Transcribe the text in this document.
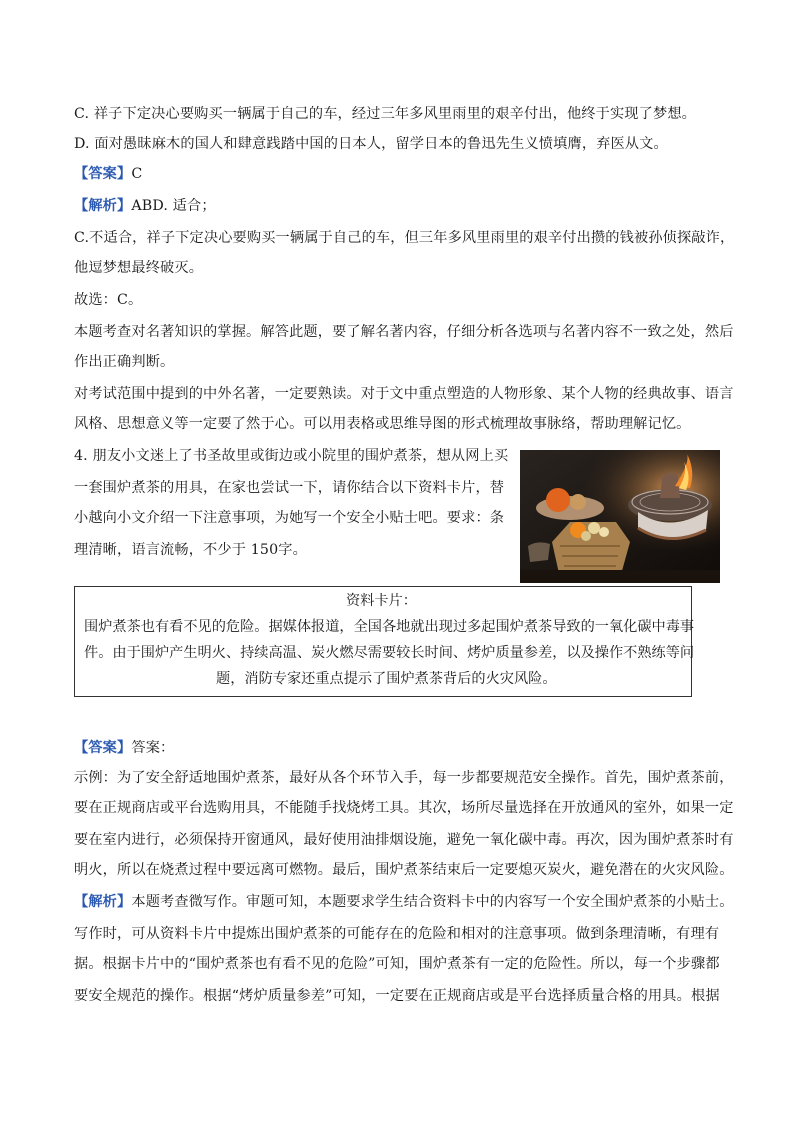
C. 祥子下定决心要购买一辆属于自己的车，经过三年多风里雨里的艰辛付出，他终于实现了梦想。
D. 面对愚昧麻木的国人和肆意践踏中国的日本人，留学日本的鲁迅先生义愤填膺，弃医从文。
【答案】C
【解析】ABD. 适合；
C.不适合，祥子下定决心要购买一辆属于自己的车，但三年多风里雨里的艰辛付出攒的钱被孙侦探敲诈，
他逗梦想最终破灭。
故选：C。
本题考查对名著知识的掌握。解答此题，要了解名著内容，仔细分析各选项与名著内容不一致之处，然后
作出正确判断。
对考试范围中提到的中外名著，一定要熟读。对于文中重点塑造的人物形象、某个人物的经典故事、语言
风格、思想意义等一定要了然于心。可以用表格或思维导图的形式梳理故事脉络，帮助理解记忆。
4. 朋友小文迷上了书圣故里或街边或小院里的围炉煮茶，想从网上买
一套围炉煮茶的用具，在家也尝试一下，请你结合以下资料卡片，替
小越向小文介绍一下注意事项，为她写一个安全小贴士吧。要求：条
理清晰，语言流畅，不少于 150字。
资料卡片：
围炉煮茶也有看不见的危险。据媒体报道，全国各地就出现过多起围炉煮茶导致的一氧化碳中毒事
件。由于围炉产生明火、持续高温、炭火燃尽需要较长时间、烤炉质量参差，以及操作不熟练等问
题，消防专家还重点提示了围炉煮茶背后的火灾风险。
【答案】答案：
示例：为了安全舒适地围炉煮茶，最好从各个环节入手，每一步都要规范安全操作。首先，围炉煮茶前，
要在正规商店或平台选购用具，不能随手找烧烤工具。其次，场所尽量选择在开放通风的室外，如果一定
要在室内进行，必须保持开窗通风，最好使用油排烟设施，避免一氧化碳中毒。再次，因为围炉煮茶时有
明火，所以在烧煮过程中要远离可燃物。最后，围炉煮茶结束后一定要熄灭炭火，避免潜在的火灾风险。
【解析】本题考查微写作。审题可知，本题要求学生结合资料卡中的内容写一个安全围炉煮茶的小贴士。
写作时，可从资料卡片中提炼出围炉煮茶的可能存在的危险和相对的注意事项。做到条理清晰，有理有
据。根据卡片中的“围炉煮茶也有看不见的危险”可知，围炉煮茶有一定的危险性。所以，每一个步骤都
要安全规范的操作。根据“烤炉质量参差”可知，一定要在正规商店或是平台选择质量合格的用具。根据
